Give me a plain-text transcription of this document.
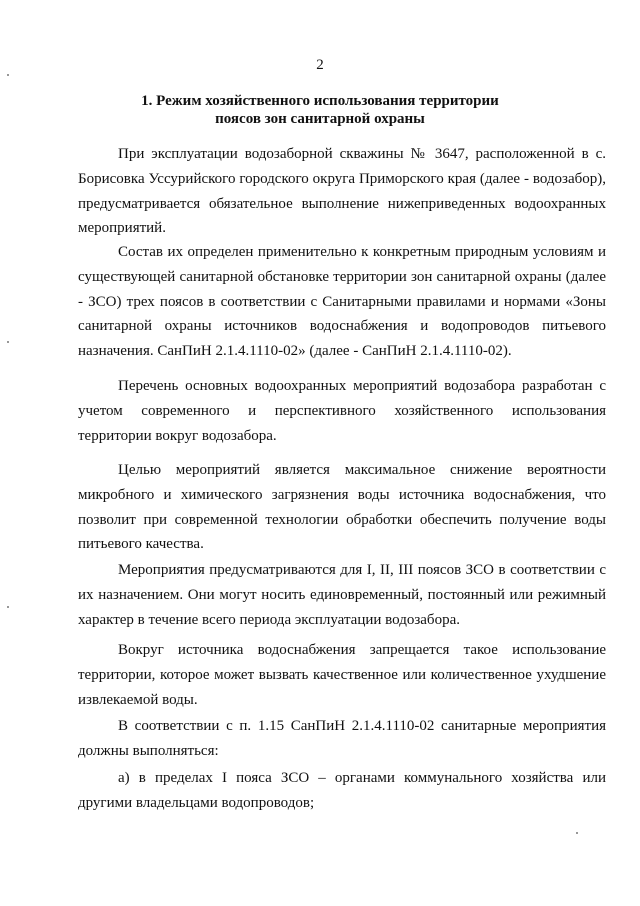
2
1. Режим хозяйственного использования территории
поясов зон санитарной охраны
При эксплуатации водозаборной скважины № 3647, расположенной в с. Борисовка Уссурийского городского округа Приморского края (далее - водозабор), предусматривается обязательное выполнение нижеприведенных водоохранных мероприятий.
Состав их определен применительно к конкретным природным условиям и существующей санитарной обстановке территории зон санитарной охраны (далее - ЗСО) трех поясов в соответствии с Санитарными правилами и нормами «Зоны санитарной охраны источников водоснабжения и водопроводов питьевого назначения. СанПиН 2.1.4.1110-02» (далее - СанПиН 2.1.4.1110-02).
Перечень основных водоохранных мероприятий водозабора разработан с учетом современного и перспективного хозяйственного использования территории вокруг водозабора.
Целью мероприятий является максимальное снижение вероятности микробного и химического загрязнения воды источника водоснабжения, что позволит при современной технологии обработки обеспечить получение воды питьевого качества.
Мероприятия предусматриваются для I, II, III поясов ЗСО в соответствии с их назначением. Они могут носить единовременный, постоянный или режимный характер в течение всего периода эксплуатации водозабора.
Вокруг источника водоснабжения запрещается такое использование территории, которое может вызвать качественное или количественное ухудшение извлекаемой воды.
В соответствии с п. 1.15 СанПиН 2.1.4.1110-02 санитарные мероприятия должны выполняться:
а) в пределах I пояса ЗСО – органами коммунального хозяйства или другими владельцами водопроводов;
